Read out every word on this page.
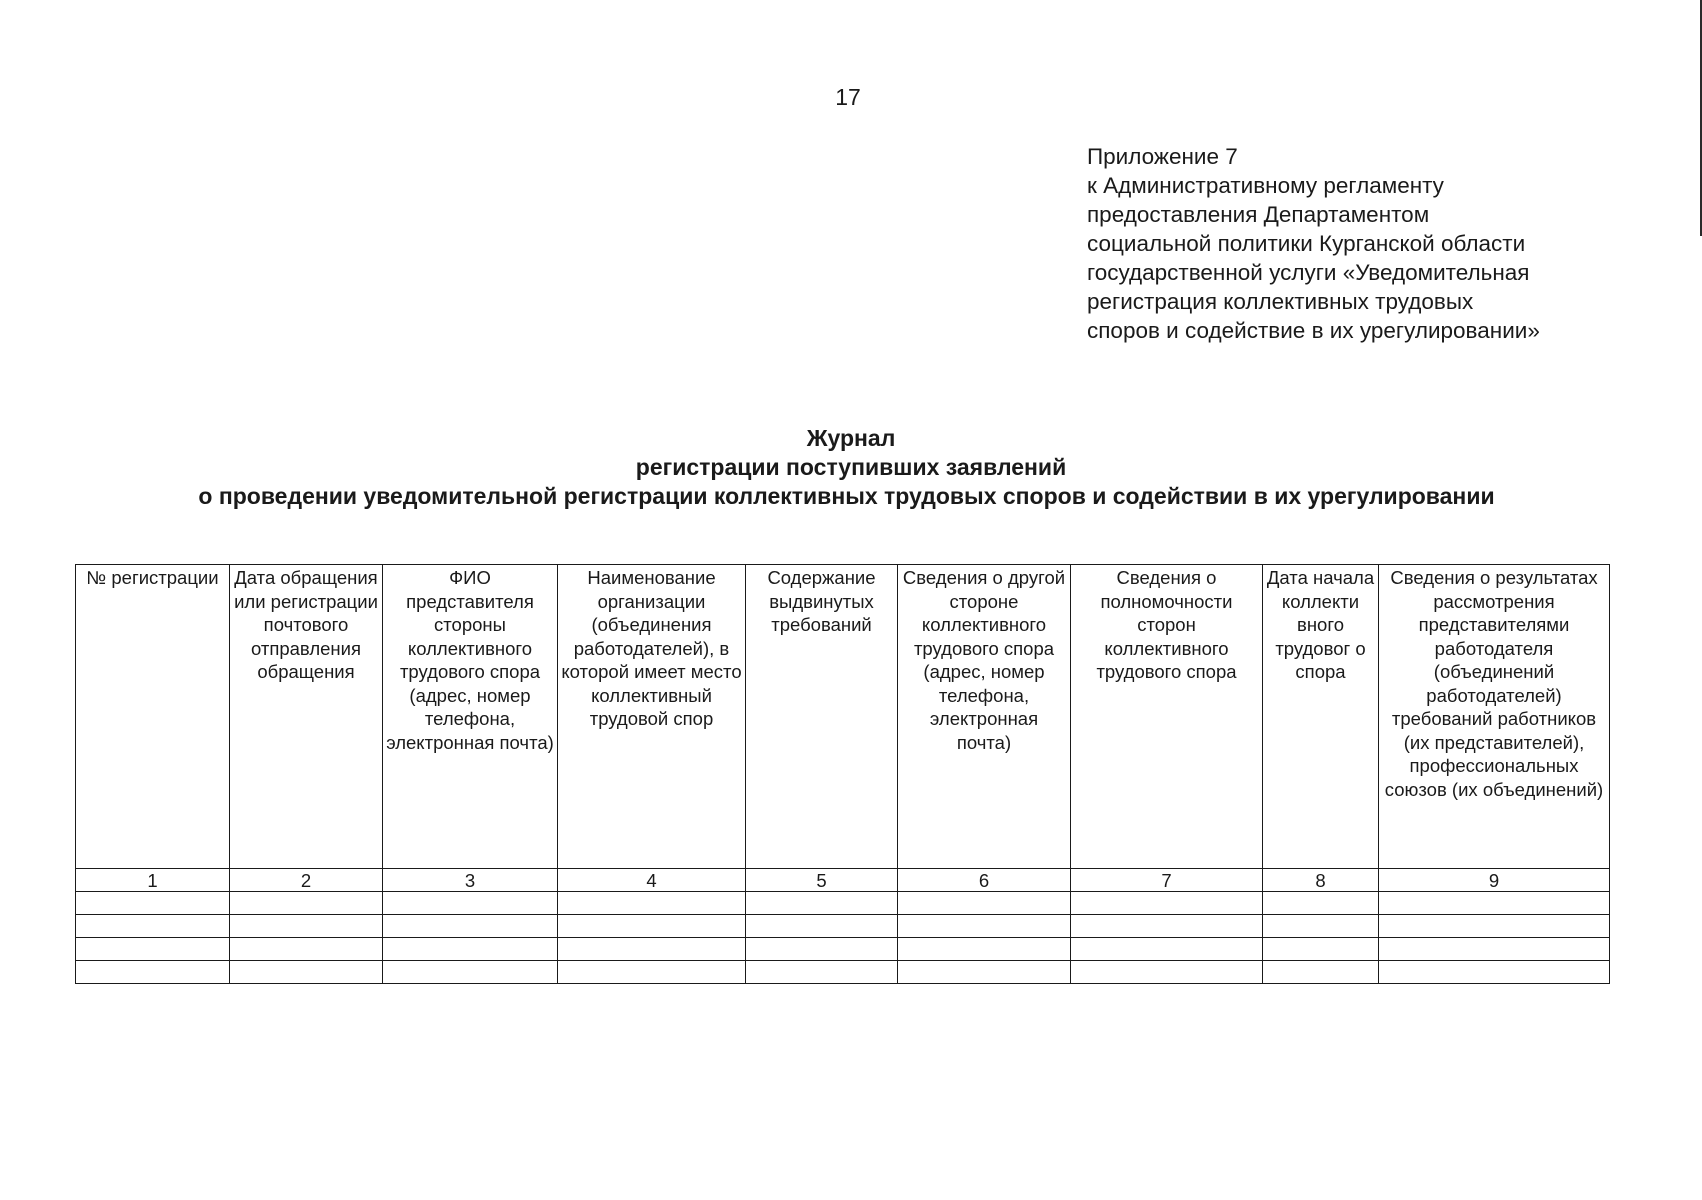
17
Приложение 7
к Административному регламенту
предоставления Департаментом
социальной политики Курганской области
государственной услуги «Уведомительная
регистрация коллективных трудовых
споров и содействие в их урегулировании»
Журнал
регистрации поступивших заявлений
о проведении уведомительной регистрации коллективных трудовых споров и содействии в их урегулировании
№ регистрации	Дата обращения или регистрации почтового отправления обращения	ФИО представителя стороны коллективного трудового спора (адрес, номер телефона, электронная почта)	Наименование организации (объединения работодателей), в которой имеет место коллективный трудовой спор	Содержание выдвинутых требований	Сведения о другой стороне коллективного трудового спора (адрес, номер телефона, электронная почта)	Сведения о полномочности сторон коллективного трудового спора	Дата начала коллекти вного трудовог о спора	Сведения о результатах рассмотрения представителями работодателя (объединений работодателей) требований работников (их представителей), профессиональных союзов (их объединений)
1	2	3	4	5	6	7	8	9
